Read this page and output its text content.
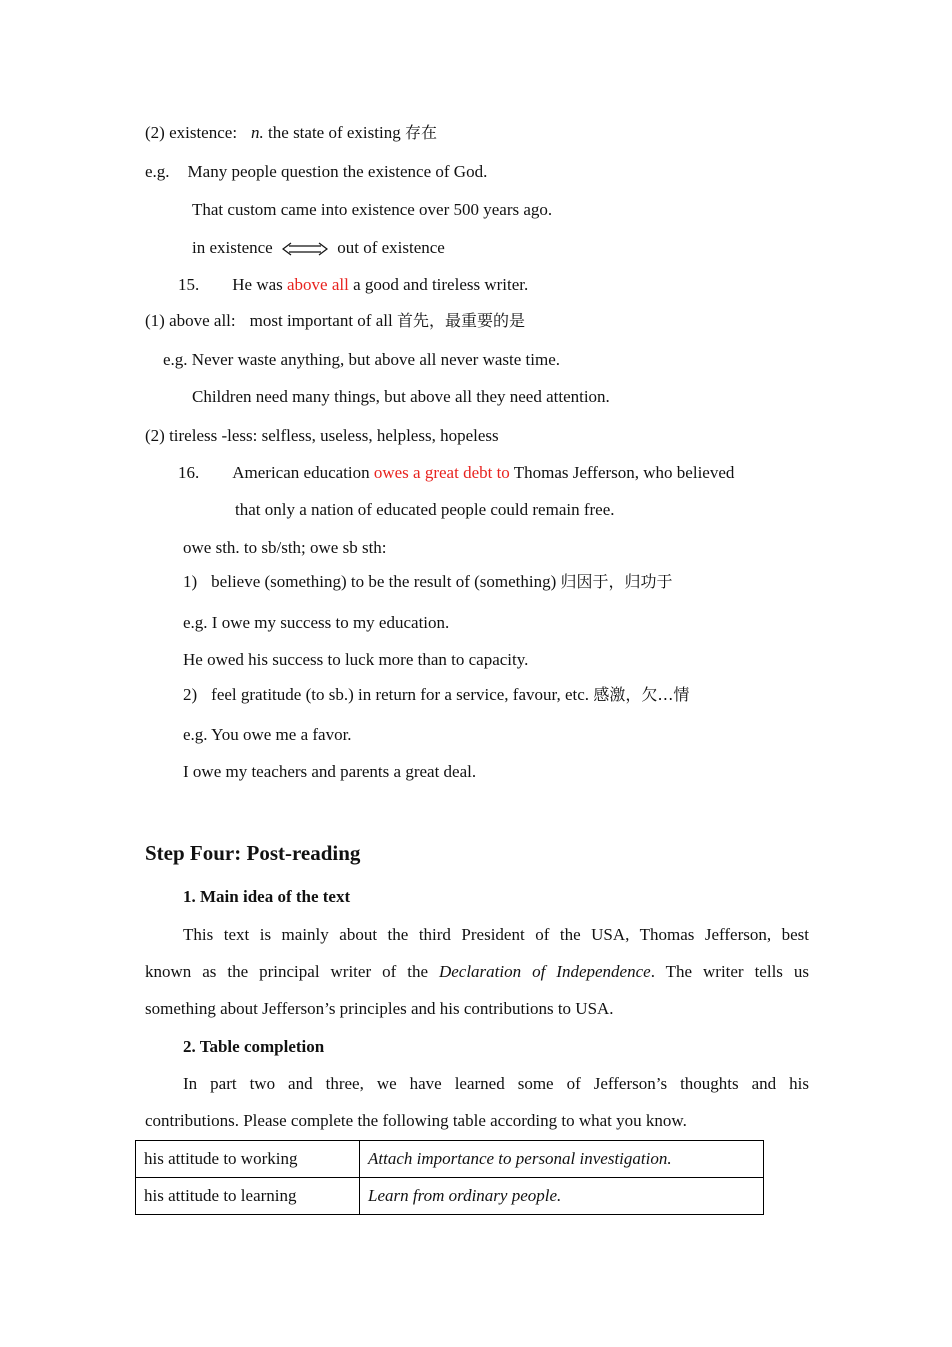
(2) existence: n. the state of existing 存在
e.g. Many people question the existence of God.
That custom came into existence over 500 years ago.
in existence	out of existence
15. He was above all a good and tireless writer.
(1) above all: most important of all 首先，最重要的是
e.g. Never waste anything, but above all never waste time.
Children need many things, but above all they need attention.
(2) tireless -less: selfless, useless, helpless, hopeless
16. American education owes a great debt to Thomas Jefferson, who believed
that only a nation of educated people could remain free.
owe sth. to sb/sth; owe sb sth:
1) believe (something) to be the result of (something) 归因于，归功于
e.g. I owe my success to my education.
He owed his success to luck more than to capacity.
2) feel gratitude (to sb.) in return for a service, favour, etc. 感激，欠…情
e.g. You owe me a favor.
I owe my teachers and parents a great deal.
Step Four: Post-reading
1. Main idea of the text
This text is mainly about the third President of the USA, Thomas Jefferson, best
known as the principal writer of the Declaration of Independence. The writer tells us
something about Jefferson’s principles and his contributions to USA.
2. Table completion
In part two and three, we have learned some of Jefferson’s thoughts and his
contributions. Please complete the following table according to what you know.
his attitude to working	Attach importance to personal investigation.
his attitude to learning	Learn from ordinary people.
